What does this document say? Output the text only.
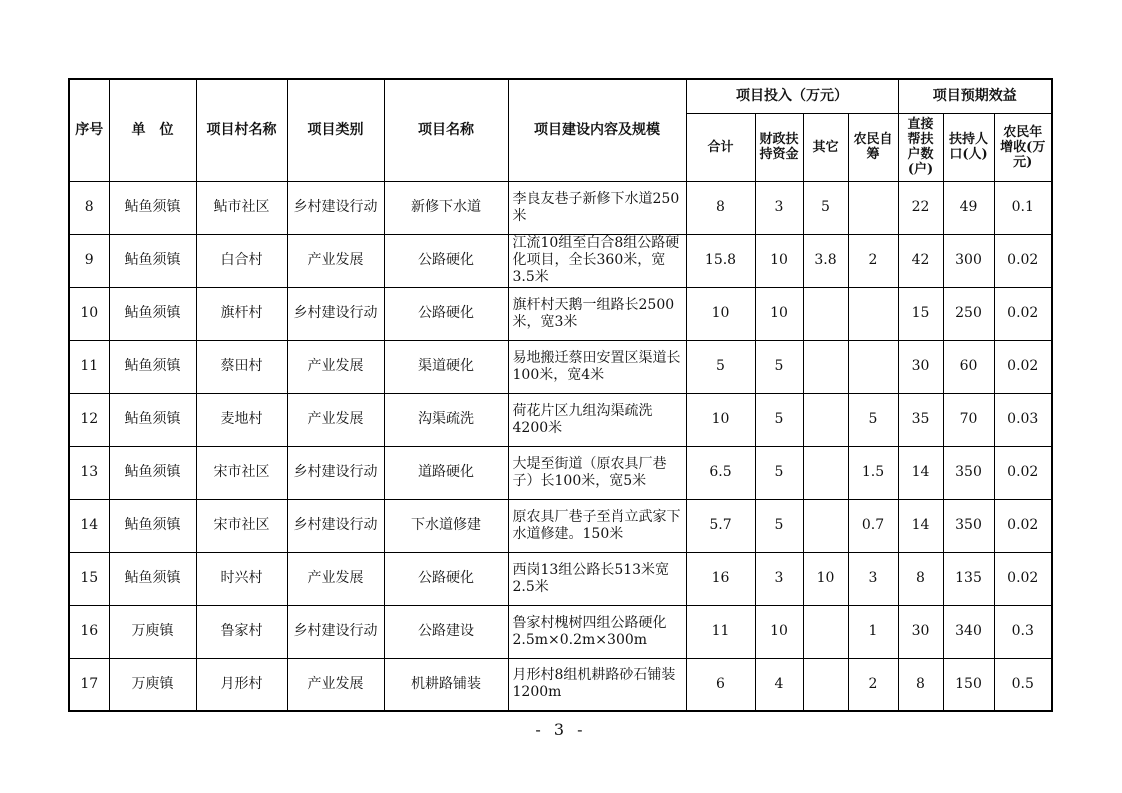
序号	单　位	项目村名称	项目类别	项目名称	项目建设内容及规模	项目投入（万元）				项目预期效益		
						合计	财政扶持资金	其它	农民自筹	直接帮扶户数(户)	扶持人口(人)	农民年增收(万元)
8	鲇鱼须镇	鲇市社区	乡村建设行动	新修下水道	李良友巷子新修下水道250米	8	3	5		22	49	0.1
9	鲇鱼须镇	白合村	产业发展	公路硬化	江流10组至白合8组公路硬化项目，全长360米，宽3.5米	15.8	10	3.8	2	42	300	0.02
10	鲇鱼须镇	旗杆村	乡村建设行动	公路硬化	旗杆村天鹅一组路长2500米，宽3米	10	10			15	250	0.02
11	鲇鱼须镇	蔡田村	产业发展	渠道硬化	易地搬迁蔡田安置区渠道长100米，宽4米	5	5			30	60	0.02
12	鲇鱼须镇	麦地村	产业发展	沟渠疏洗	荷花片区九组沟渠疏洗4200米	10	5		5	35	70	0.03
13	鲇鱼须镇	宋市社区	乡村建设行动	道路硬化	大堤至街道（原农具厂巷子）长100米，宽5米	6.5	5		1.5	14	350	0.02
14	鲇鱼须镇	宋市社区	乡村建设行动	下水道修建	原农具厂巷子至肖立武家下水道修建。150米	5.7	5		0.7	14	350	0.02
15	鲇鱼须镇	时兴村	产业发展	公路硬化	西岗13组公路长513米宽2.5米	16	3	10	3	8	135	0.02
16	万庾镇	鲁家村	乡村建设行动	公路建设	鲁家村槐树四组公路硬化2.5m×0.2m×300m	11	10		1	30	340	0.3
17	万庾镇	月形村	产业发展	机耕路铺装	月形村8组机耕路砂石铺装1200m	6	4		2	8	150	0.5
- 3 -
